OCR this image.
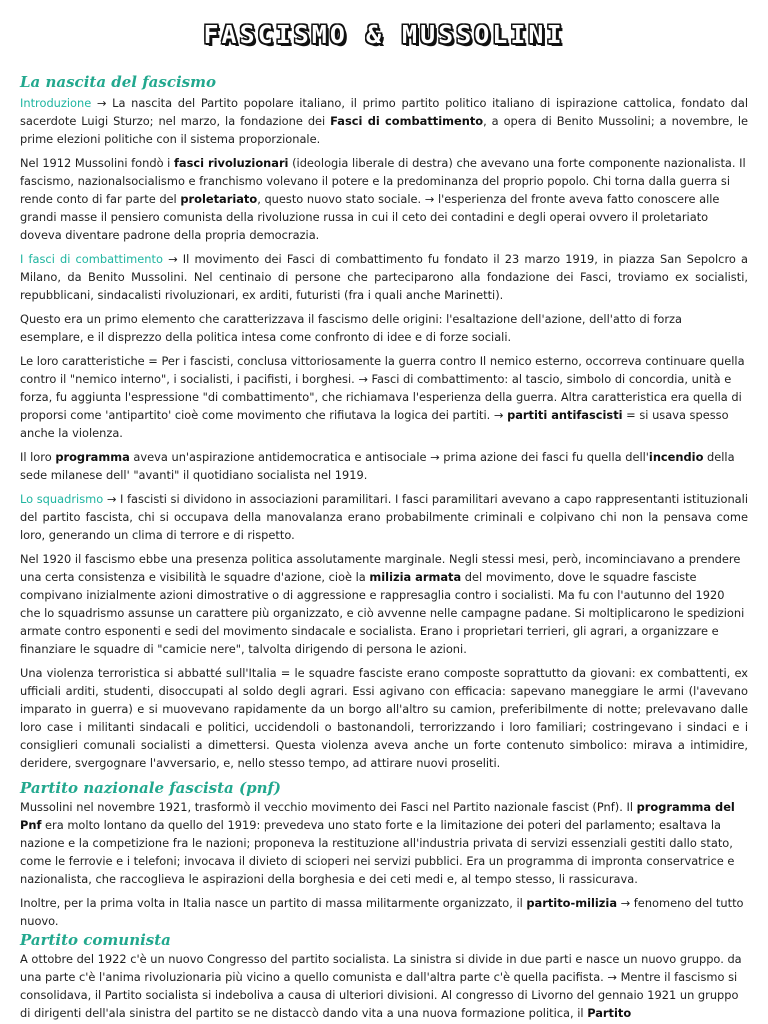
FASCISMO & MUSSOLINI
La nascita del fascismo

Introduzione → La nascita del Partito popolare italiano, il primo partito politico italiano di ispirazione cattolica, fondato dal sacerdote Luigi Sturzo; nel marzo, la fondazione dei Fasci di combattimento, a opera di Benito Mussolini; a novembre, le prime elezioni politiche con il sistema proporzionale.

Nel 1912 Mussolini fondò i fasci rivoluzionari (ideologia liberale di destra) che avevano una forte componente nazionalista. Il fascismo, nazionalsocialismo e franchismo volevano il potere e la predominanza del proprio popolo. Chi torna dalla guerra si rende conto di far parte del proletariato, questo nuovo stato sociale. → l'esperienza del fronte aveva fatto conoscere alle grandi masse il pensiero comunista della rivoluzione russa in cui il ceto dei contadini e degli operai ovvero il proletariato doveva diventare padrone della propria democrazia.

I fasci di combattimento → Il movimento dei Fasci di combattimento fu fondato il 23 marzo 1919, in piazza San Sepolcro a Milano, da Benito Mussolini. Nel centinaio di persone che parteciparono alla fondazione dei Fasci, troviamo ex socialisti, repubblicani, sindacalisti rivoluzionari, ex arditi, futuristi (fra i quali anche Marinetti).

Questo era un primo elemento che caratterizzava il fascismo delle origini: l'esaltazione dell'azione, dell'atto di forza esemplare, e il disprezzo della politica intesa come confronto di idee e di forze sociali.

Le loro caratteristiche = Per i fascisti, conclusa vittoriosamente la guerra contro Il nemico esterno, occorreva continuare quella contro il "nemico interno", i socialisti, i pacifisti, i borghesi. → Fasci di combattimento: al tascio, simbolo di concordia, unità e forza, fu aggiunta l'espressione "di combattimento", che richiamava l'esperienza della guerra. Altra caratteristica era quella di proporsi come 'antipartito' cioè come movimento che rifiutava la logica dei partiti. → partiti antifascisti = si usava spesso anche la violenza.

Il loro programma aveva un'aspirazione antidemocratica e antisociale → prima azione dei fasci fu quella dell'incendio della sede milanese dell' "avanti" il quotidiano socialista nel 1919.

Lo squadrismo → I fascisti si dividono in associazioni paramilitari. I fasci paramilitari avevano a capo rappresentanti istituzionali del partito fascista, chi si occupava della manovalanza erano probabilmente criminali e colpivano chi non la pensava come loro, generando un clima di terrore e di rispetto.

Nel 1920 il fascismo ebbe una presenza politica assolutamente marginale. Negli stessi mesi, però, incominciavano a prendere una certa consistenza e visibilità le squadre d'azione, cioè la milizia armata del movimento, dove le squadre fasciste compivano inizialmente azioni dimostrative o di aggressione e rappresaglia contro i socialisti. Ma fu con l'autunno del 1920 che lo squadrismo assunse un carattere più organizzato, e ciò avvenne nelle campagne padane. Si moltiplicarono le spedizioni armate contro esponenti e sedi del movimento sindacale e socialista. Erano i proprietari terrieri, gli agrari, a organizzare e finanziare le squadre di "camicie nere", talvolta dirigendo di persona le azioni.

Una violenza terroristica si abbatté sull'Italia = le squadre fasciste erano composte soprattutto da giovani: ex combattenti, ex ufficiali arditi, studenti, disoccupati al soldo degli agrari. Essi agivano con efficacia: sapevano maneggiare le armi (l'avevano imparato in guerra) e si muovevano rapidamente da un borgo all'altro su camion, preferibilmente di notte; prelevavano dalle loro case i militanti sindacali e politici, uccidendoli o bastonandoli, terrorizzando i loro familiari; costringevano i sindaci e i consiglieri comunali socialisti a dimettersi. Questa violenza aveva anche un forte contenuto simbolico: mirava a intimidire, deridere, svergognare l'avversario, e, nello stesso tempo, ad attirare nuovi proseliti.

Partito nazionale fascista (pnf)

Mussolini nel novembre 1921, trasformò il vecchio movimento dei Fasci nel Partito nazionale fascist (Pnf). Il programma del Pnf era molto lontano da quello del 1919: prevedeva uno stato forte e la limitazione dei poteri del parlamento; esaltava la nazione e la competizione fra le nazioni; proponeva la restituzione all'industria privata di servizi essenziali gestiti dallo stato, come le ferrovie e i telefoni; invocava il divieto di scioperi nei servizi pubblici. Era un programma di impronta conservatrice e nazionalista, che raccoglieva le aspirazioni della borghesia e dei ceti medi e, al tempo stesso, li rassicurava.

Inoltre, per la prima volta in Italia nasce un partito di massa militarmente organizzato, il partito-milizia → fenomeno del tutto nuovo.

Partito comunista

A ottobre del 1922 c'è un nuovo Congresso del partito socialista. La sinistra si divide in due parti e nasce un nuovo gruppo. da una parte c'è l'anima rivoluzionaria più vicino a quello comunista e dall'altra parte c'è quella pacifista. → Mentre il fascismo si consolidava, il Partito socialista si indeboliva a causa di ulteriori divisioni. Al congresso di Livorno del gennaio 1921 un gruppo di dirigenti dell'ala sinistra del partito se ne distaccò dando vita a una nuova formazione politica, il Partito
